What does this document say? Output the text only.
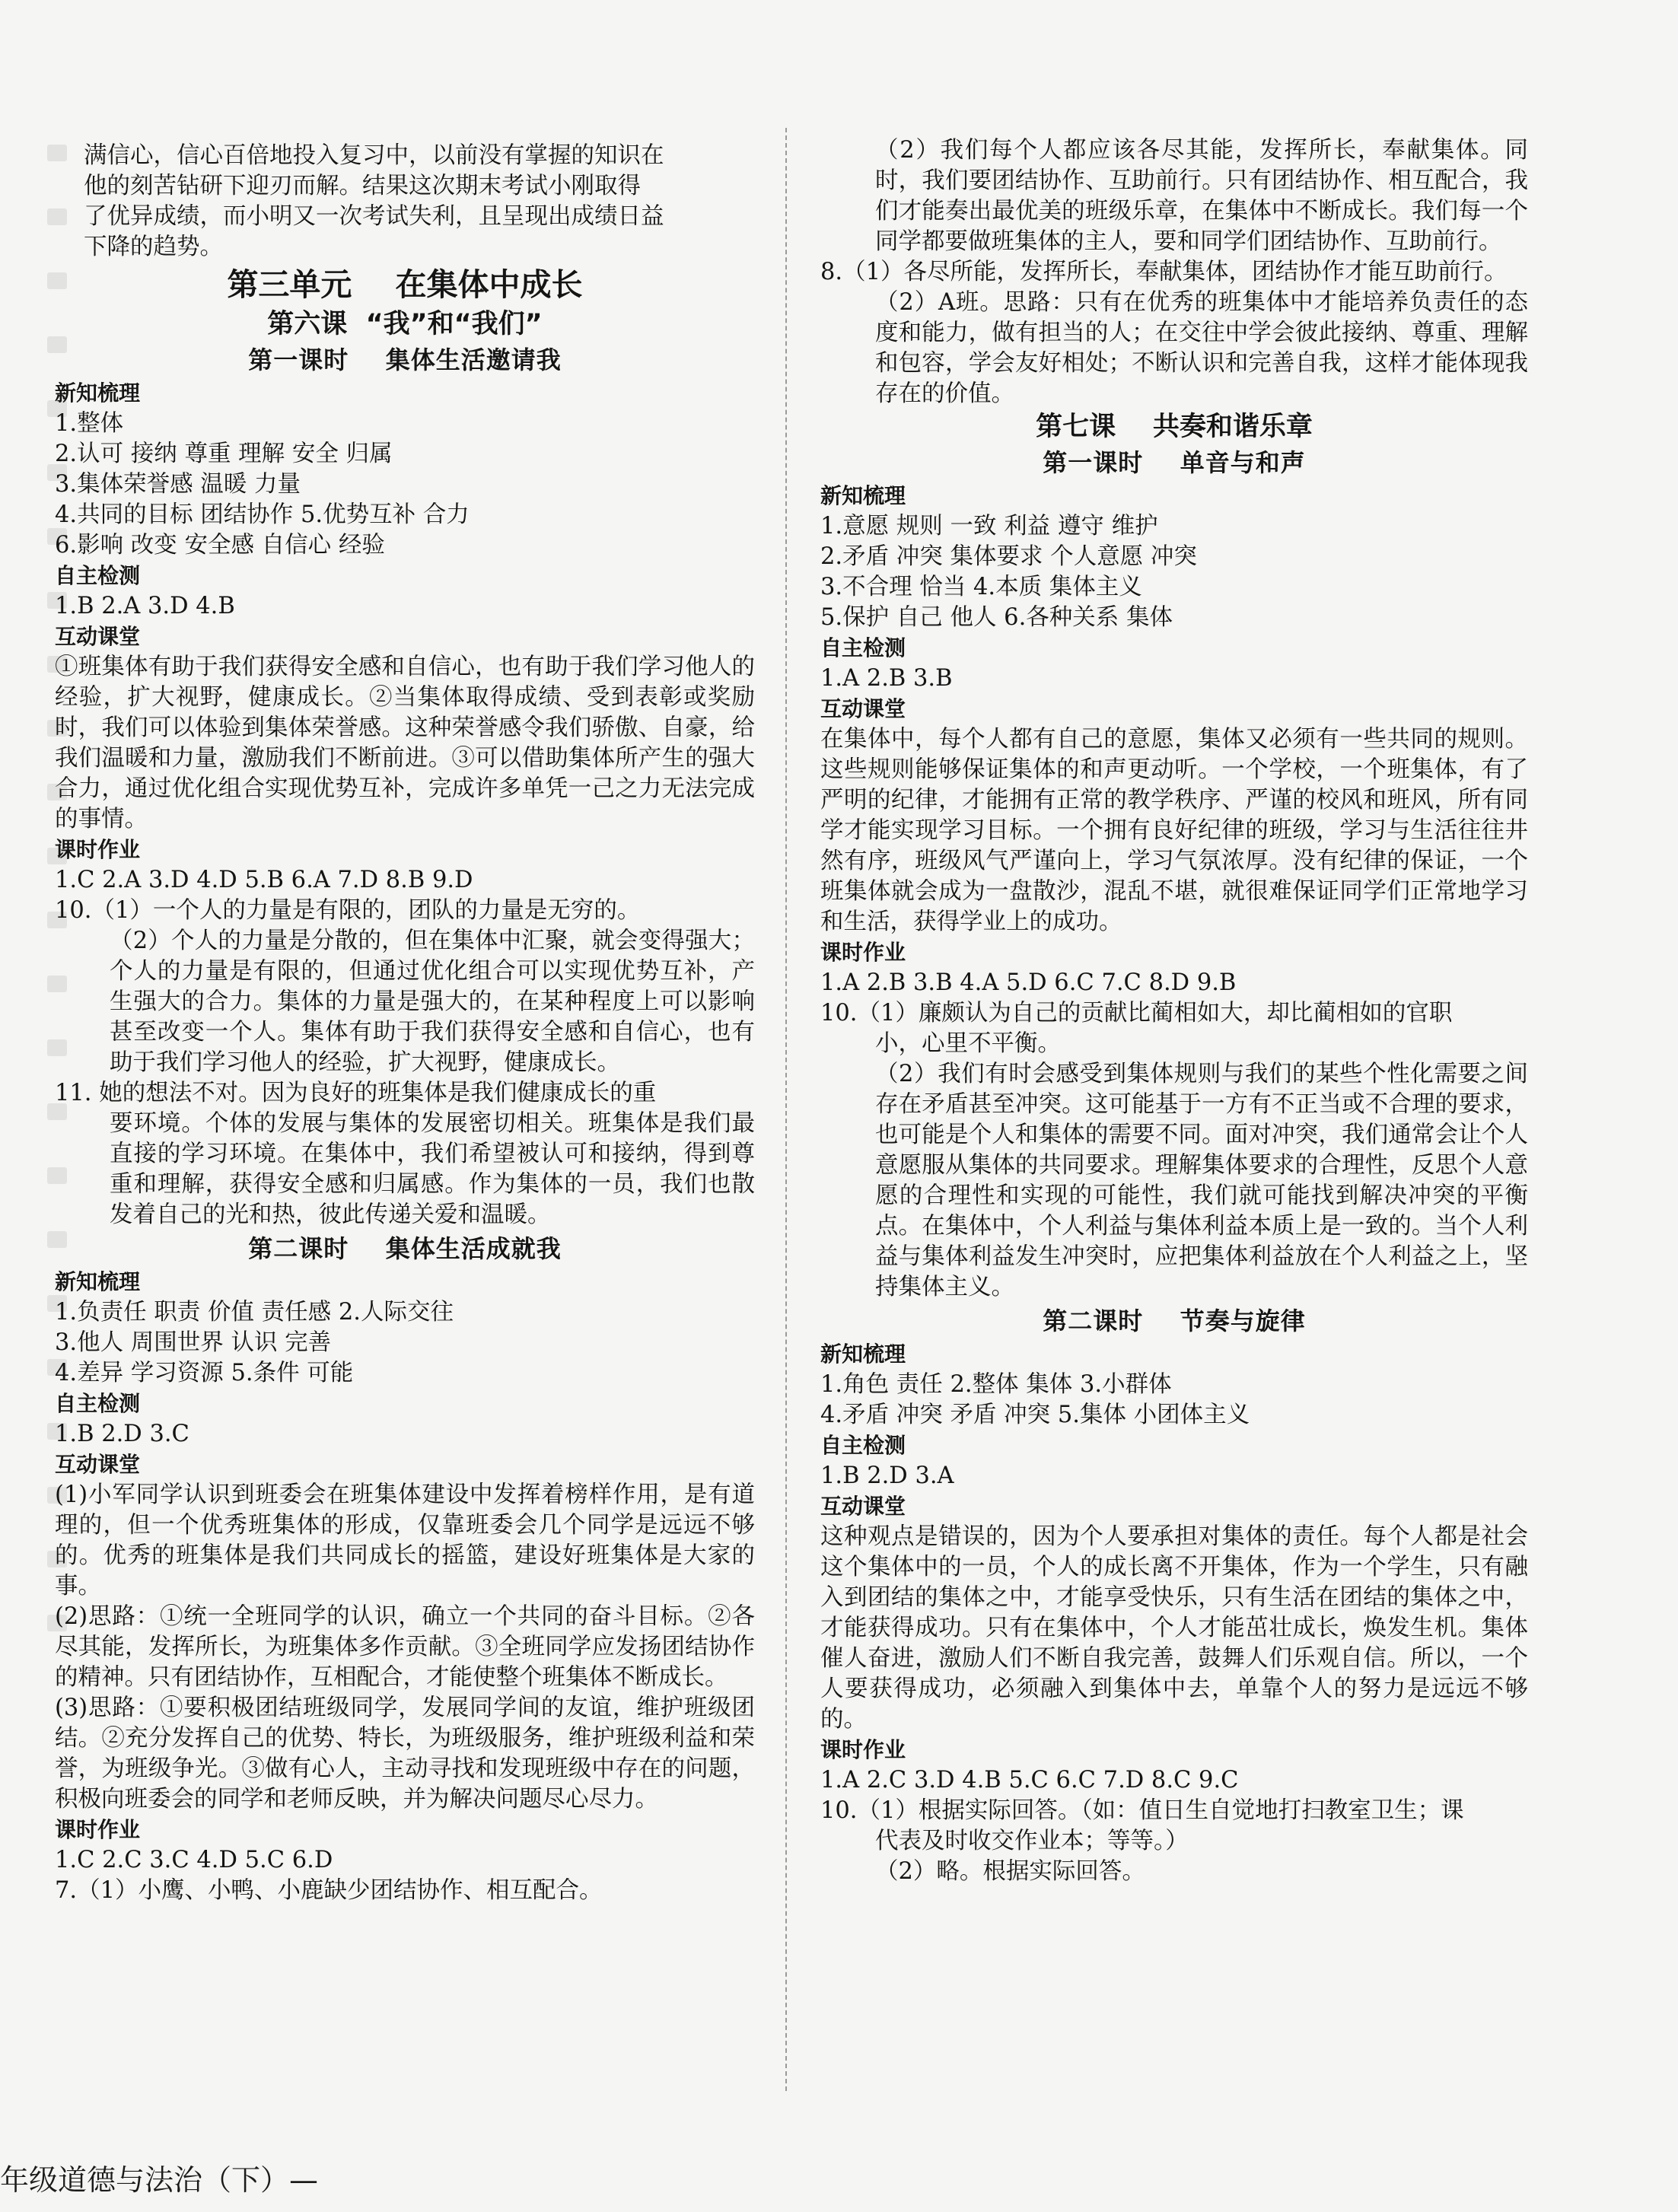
满信心，信心百倍地投入复习中，以前没有掌握的知识在

他的刻苦钻研下迎刃而解。结果这次期末考试小刚取得

了优异成绩，而小明又一次考试失利，且呈现出成绩日益

下降的趋势。

第三单元    在集体中成长
第六课  “我”和“我们”
第一课时    集体生活邀请我

新知梳理

1.整体

2.认可 接纳 尊重 理解 安全 归属

3.集体荣誉感 温暖 力量

4.共同的目标 团结协作 5.优势互补 合力

6.影响 改变 安全感 自信心 经验

自主检测

1.B 2.A 3.D 4.B

互动课堂

①班集体有助于我们获得安全感和自信心，也有助于我们学习他人的经验，扩大视野，健康成长。②当集体取得成绩、受到表彰或奖励时，我们可以体验到集体荣誉感。这种荣誉感令我们骄傲、自豪，给我们温暖和力量，激励我们不断前进。③可以借助集体所产生的强大合力，通过优化组合实现优势互补，完成许多单凭一己之力无法完成的事情。

课时作业

1.C 2.A 3.D 4.D 5.B 6.A 7.D 8.B 9.D

10.（1）一个人的力量是有限的，团队的力量是无穷的。

（2）个人的力量是分散的，但在集体中汇聚，就会变得强大；个人的力量是有限的，但通过优化组合可以实现优势互补，产生强大的合力。集体的力量是强大的，在某种程度上可以影响甚至改变一个人。集体有助于我们获得安全感和自信心，也有助于我们学习他人的经验，扩大视野，健康成长。

11. 她的想法不对。因为良好的班集体是我们健康成长的重

要环境。个体的发展与集体的发展密切相关。班集体是我们最直接的学习环境。在集体中，我们希望被认可和接纳，得到尊重和理解，获得安全感和归属感。作为集体的一员，我们也散发着自己的光和热，彼此传递关爱和温暖。

第二课时    集体生活成就我

新知梳理

1.负责任 职责 价值 责任感 2.人际交往

3.他人 周围世界 认识 完善

4.差异 学习资源 5.条件 可能

自主检测

1.B 2.D 3.C

互动课堂

(1)小军同学认识到班委会在班集体建设中发挥着榜样作用，是有道理的，但一个优秀班集体的形成，仅靠班委会几个同学是远远不够的。优秀的班集体是我们共同成长的摇篮，建设好班集体是大家的事。

(2)思路：①统一全班同学的认识，确立一个共同的奋斗目标。②各尽其能，发挥所长，为班集体多作贡献。③全班同学应发扬团结协作的精神。只有团结协作，互相配合，才能使整个班集体不断成长。

(3)思路：①要积极团结班级同学，发展同学间的友谊，维护班级团结。②充分发挥自己的优势、特长，为班级服务，维护班级利益和荣誉，为班级争光。③做有心人，主动寻找和发现班级中存在的问题，积极向班委会的同学和老师反映，并为解决问题尽心尽力。

课时作业

1.C 2.C 3.C 4.D 5.C 6.D

7.（1）小鹰、小鸭、小鹿缺少团结协作、相互配合。

（2）我们每个人都应该各尽其能，发挥所长，奉献集体。同时，我们要团结协作、互助前行。只有团结协作、相互配合，我们才能奏出最优美的班级乐章，在集体中不断成长。我们每一个同学都要做班集体的主人，要和同学们团结协作、互助前行。

8.（1）各尽所能，发挥所长，奉献集体，团结协作才能互助前行。

（2）A班。思路：只有在优秀的班集体中才能培养负责任的态度和能力，做有担当的人；在交往中学会彼此接纳、尊重、理解和包容，学会友好相处；不断认识和完善自我，这样才能体现我存在的价值。

第七课    共奏和谐乐章
第一课时    单音与和声

新知梳理

1.意愿 规则 一致 利益 遵守 维护

2.矛盾 冲突 集体要求 个人意愿 冲突

3.不合理 恰当 4.本质 集体主义

5.保护 自己 他人 6.各种关系 集体

自主检测

1.A 2.B 3.B

互动课堂

在集体中，每个人都有自己的意愿，集体又必须有一些共同的规则。这些规则能够保证集体的和声更动听。一个学校，一个班集体，有了严明的纪律，才能拥有正常的教学秩序、严谨的校风和班风，所有同学才能实现学习目标。一个拥有良好纪律的班级，学习与生活往往井然有序，班级风气严谨向上，学习气氛浓厚。没有纪律的保证，一个班集体就会成为一盘散沙，混乱不堪，就很难保证同学们正常地学习和生活，获得学业上的成功。

课时作业

1.A 2.B 3.B 4.A 5.D 6.C 7.C 8.D 9.B

10.（1）廉颇认为自己的贡献比蔺相如大，却比蔺相如的官职

小，心里不平衡。

（2）我们有时会感受到集体规则与我们的某些个性化需要之间存在矛盾甚至冲突。这可能基于一方有不正当或不合理的要求，也可能是个人和集体的需要不同。面对冲突，我们通常会让个人意愿服从集体的共同要求。理解集体要求的合理性，反思个人意愿的合理性和实现的可能性，我们就可能找到解决冲突的平衡点。在集体中，个人利益与集体利益本质上是一致的。当个人利益与集体利益发生冲突时，应把集体利益放在个人利益之上，坚持集体主义。

第二课时    节奏与旋律

新知梳理

1.角色 责任 2.整体 集体 3.小群体

4.矛盾 冲突 矛盾 冲突 5.集体 小团体主义

自主检测

1.B 2.D 3.A

互动课堂

这种观点是错误的，因为个人要承担对集体的责任。每个人都是社会这个集体中的一员，个人的成长离不开集体，作为一个学生，只有融入到团结的集体之中，才能享受快乐，只有生活在团结的集体之中，才能获得成功。只有在集体中，个人才能茁壮成长，焕发生机。集体催人奋进，激励人们不断自我完善，鼓舞人们乐观自信。所以，一个人要获得成功，必须融入到集体中去，单靠个人的努力是远远不够的。

课时作业

1.A 2.C 3.D 4.B 5.C 6.C 7.D 8.C 9.C

10.（1）根据实际回答。（如：值日生自觉地打扫教室卫生；课

代表及时收交作业本；等等。）

（2）略。根据实际回答。

年级道德与法治（下）—
